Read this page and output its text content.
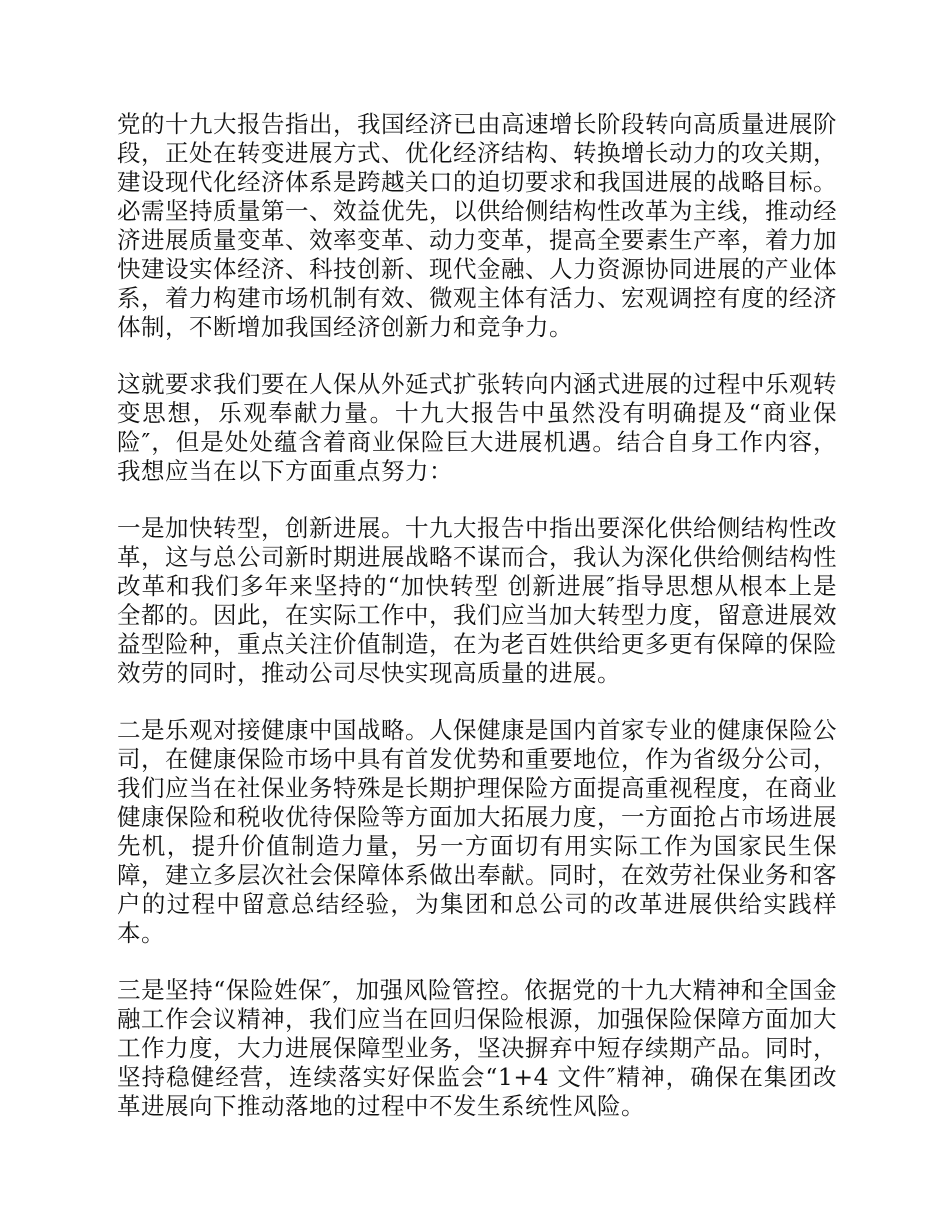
党的十九大报告指出，我国经济已由高速增长阶段转向高质量进展阶段，正处在转变进展方式、优化经济结构、转换增长动力的攻关期，建设现代化经济体系是跨越关口的迫切要求和我国进展的战略目标。必需坚持质量第一、效益优先，以供给侧结构性改革为主线，推动经济进展质量变革、效率变革、动力变革，提高全要素生产率，着力加快建设实体经济、科技创新、现代金融、人力资源协同进展的产业体系，着力构建市场机制有效、微观主体有活力、宏观调控有度的经济体制，不断增加我国经济创新力和竞争力。

这就要求我们要在人保从外延式扩张转向内涵式进展的过程中乐观转变思想，乐观奉献力量。十九大报告中虽然没有明确提及“商业保险″，但是处处蕴含着商业保险巨大进展机遇。结合自身工作内容，我想应当在以下方面重点努力：

一是加快转型，创新进展。十九大报告中指出要深化供给侧结构性改革，这与总公司新时期进展战略不谋而合，我认为深化供给侧结构性改革和我们多年来坚持的“加快转型 创新进展″指导思想从根本上是全都的。因此，在实际工作中，我们应当加大转型力度，留意进展效益型险种，重点关注价值制造，在为老百姓供给更多更有保障的保险效劳的同时，推动公司尽快实现高质量的进展。

二是乐观对接健康中国战略。人保健康是国内首家专业的健康保险公司，在健康保险市场中具有首发优势和重要地位，作为省级分公司，我们应当在社保业务特殊是长期护理保险方面提高重视程度，在商业健康保险和税收优待保险等方面加大拓展力度，一方面抢占市场进展先机，提升价值制造力量，另一方面切有用实际工作为国家民生保障，建立多层次社会保障体系做出奉献。同时，在效劳社保业务和客户的过程中留意总结经验，为集团和总公司的改革进展供给实践样本。

三是坚持“保险姓保″，加强风险管控。依据党的十九大精神和全国金融工作会议精神，我们应当在回归保险根源，加强保险保障方面加大工作力度，大力进展保障型业务，坚决摒弃中短存续期产品。同时，坚持稳健经营，连续落实好保监会“1+4 文件″精神，确保在集团改革进展向下推动落地的过程中不发生系统性风险。
